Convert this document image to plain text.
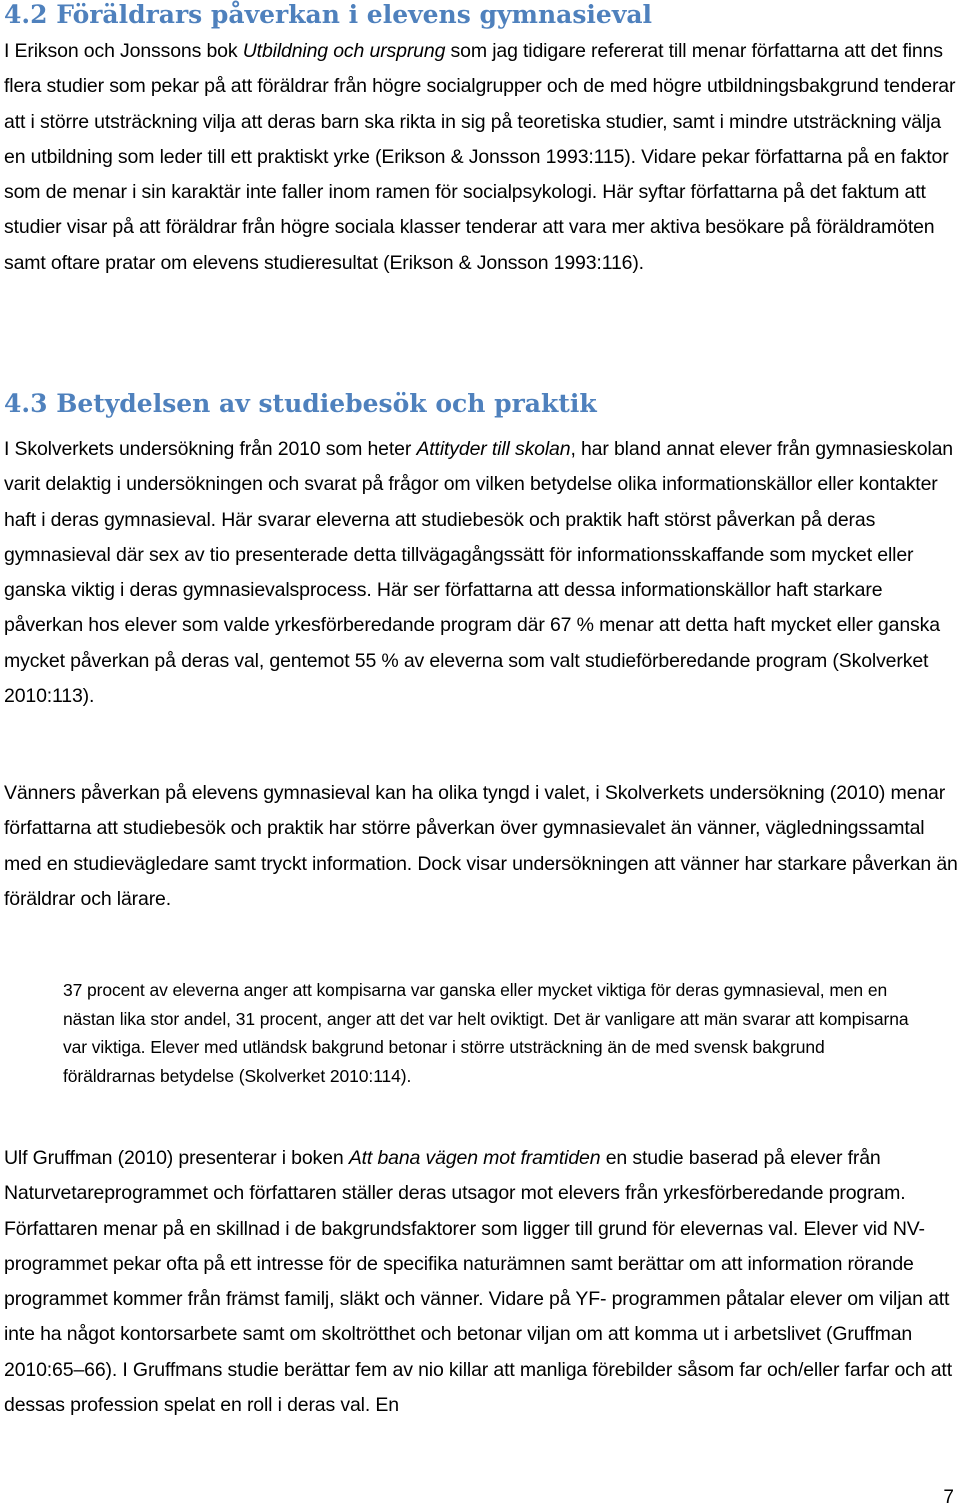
4.2 Föräldrars påverkan i elevens gymnasieval

I Erikson och Jonssons bok Utbildning och ursprung som jag tidigare refererat till menar författarna att det finns flera studier som pekar på att föräldrar från högre socialgrupper och de med högre utbildningsbakgrund tenderar att i större utsträckning vilja att deras barn ska rikta in sig på teoretiska studier, samt i mindre utsträckning välja en utbildning som leder till ett praktiskt yrke (Erikson & Jonsson 1993:115). Vidare pekar författarna på en faktor som de menar i sin karaktär inte faller inom ramen för socialpsykologi. Här syftar författarna på det faktum att studier visar på att föräldrar från högre sociala klasser tenderar att vara mer aktiva besökare på föräldramöten samt oftare pratar om elevens studieresultat (Erikson & Jonsson 1993:116).

4.3 Betydelsen av studiebesök och praktik

I Skolverkets undersökning från 2010 som heter Attityder till skolan, har bland annat elever från gymnasieskolan varit delaktig i undersökningen och svarat på frågor om vilken betydelse olika informationskällor eller kontakter haft i deras gymnasieval. Här svarar eleverna att studiebesök och praktik haft störst påverkan på deras gymnasieval där sex av tio presenterade detta tillvägagångssätt för informationsskaffande som mycket eller ganska viktig i deras gymnasievalsprocess. Här ser författarna att dessa informationskällor haft starkare påverkan hos elever som valde yrkesförberedande program där 67 % menar att detta haft mycket eller ganska mycket påverkan på deras val, gentemot 55 % av eleverna som valt studieförberedande program (Skolverket 2010:113).

Vänners påverkan på elevens gymnasieval kan ha olika tyngd i valet, i Skolverkets undersökning (2010) menar författarna att studiebesök och praktik har större påverkan över gymnasievalet än vänner, vägledningssamtal med en studievägledare samt tryckt information. Dock visar undersökningen att vänner har starkare påverkan än föräldrar och lärare.

37 procent av eleverna anger att kompisarna var ganska eller mycket viktiga för deras gymnasieval, men en nästan lika stor andel, 31 procent, anger att det var helt oviktigt. Det är vanligare att män svarar att kompisarna var viktiga. Elever med utländsk bakgrund betonar i större utsträckning än de med svensk bakgrund föräldrarnas betydelse (Skolverket 2010:114).

Ulf Gruffman (2010) presenterar i boken Att bana vägen mot framtiden en studie baserad på elever från Naturvetareprogrammet och författaren ställer deras utsagor mot elevers från yrkesförberedande program. Författaren menar på en skillnad i de bakgrundsfaktorer som ligger till grund för elevernas val. Elever vid NV-programmet pekar ofta på ett intresse för de specifika naturämnen samt berättar om att information rörande programmet kommer från främst familj, släkt och vänner. Vidare på YF- programmen påtalar elever om viljan att inte ha något kontorsarbete samt om skoltrötthet och betonar viljan om att komma ut i arbetslivet (Gruffman 2010:65–66). I Gruffmans studie berättar fem av nio killar att manliga förebilder såsom far och/eller farfar och att dessas profession spelat en roll i deras val. En

7
